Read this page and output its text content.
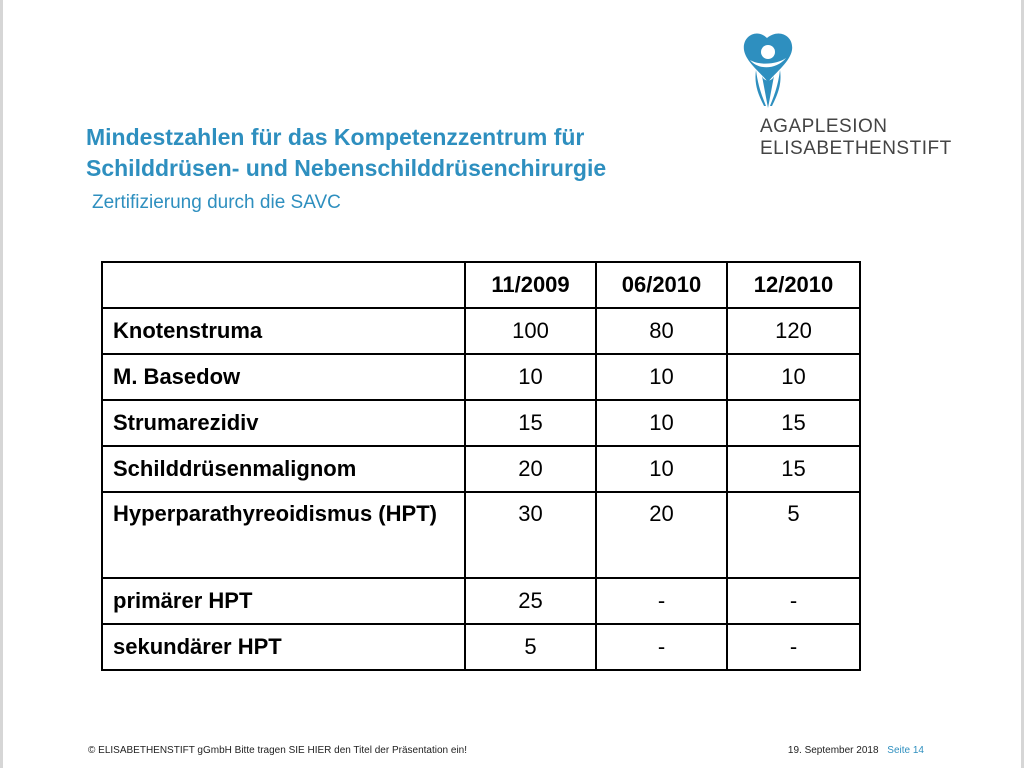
Mindestzahlen für das Kompetenzzentrum für
Schilddrüsen- und Nebenschilddrüsenchirurgie
Zertifizierung durch die SAVC
AGAPLESION
ELISABETHENSTIFT
	11/2009	06/2010	12/2010
Knotenstruma	100	80	120
M. Basedow	10	10	10
Strumarezidiv	15	10	15
Schilddrüsenmalignom	20	10	15
Hyperparathyreoidismus (HPT)	30	20	5
primärer HPT	25	-	-
sekundärer HPT	5	-	-
© ELISABETHENSTIFT gGmbH Bitte tragen SIE HIER den Titel der Präsentation ein!	19. September 2018 Seite 14
